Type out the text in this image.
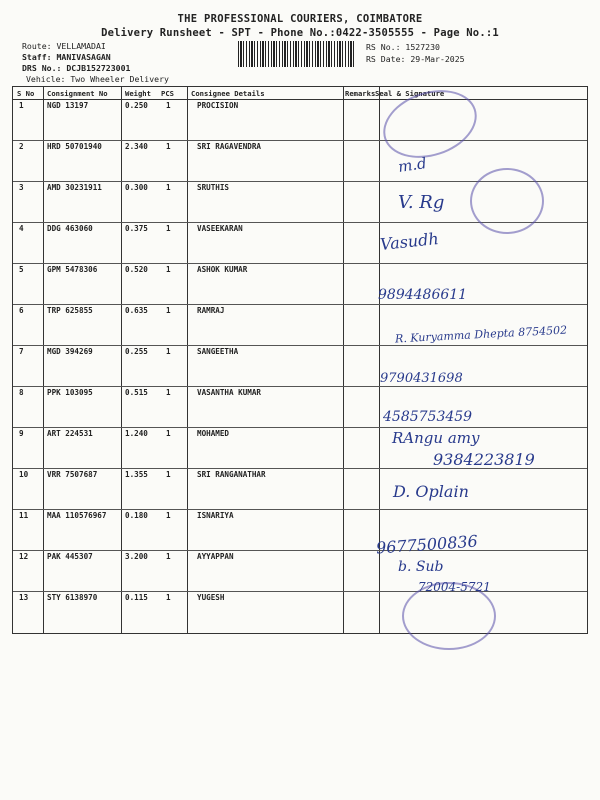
THE PROFESSIONAL COURIERS, COIMBATORE
Delivery Runsheet - SPT - Phone No.:0422-3505555 - Page No.:1
Route: VELLAMADAI
Staff: MANIVASAGAN
DRS No.: DCJB152723001
Vehicle: Two Wheeler Delivery
RS No.: 1527230
RS Date: 29-Mar-2025
S No Consignment No Weight PCS Consignee Details	Remarks Seal & Signature
1	NGD 13197	0.250 1	PROCISION
2	HRD 50701940	2.340 1	SRI RAGAVENDRA
3	AMD 30231911	0.300 1	SRUTHIS
4	DDG 463060	0.375 1	VASEEKARAN
5	GPM 5478306	0.520 1	ASHOK KUMAR
6	TRP 625855	0.635 1	RAMRAJ
7	MGD 394269	0.255 1	SANGEETHA
8	PPK 103095	0.515 1	VASANTHA KUMAR
9	ART 224531	1.240 1	MOHAMED
10 VRR 7507687	1.355 1	SRI RANGANATHAR
11 MAA 110576967 0.180 1	ISNARIYA
12 PAK 445307	3.200 1	AYYAPPAN
13 STY 6138970	0.115 1	YUGESH
m.d
V. Rg
Vasudh
9894486611
R. Kuryamma Dhepta 8754502
9790431698
4585753459
RAngu amy
9384223819
D. Oplain
9677500836
b. Sub
72004-5721
